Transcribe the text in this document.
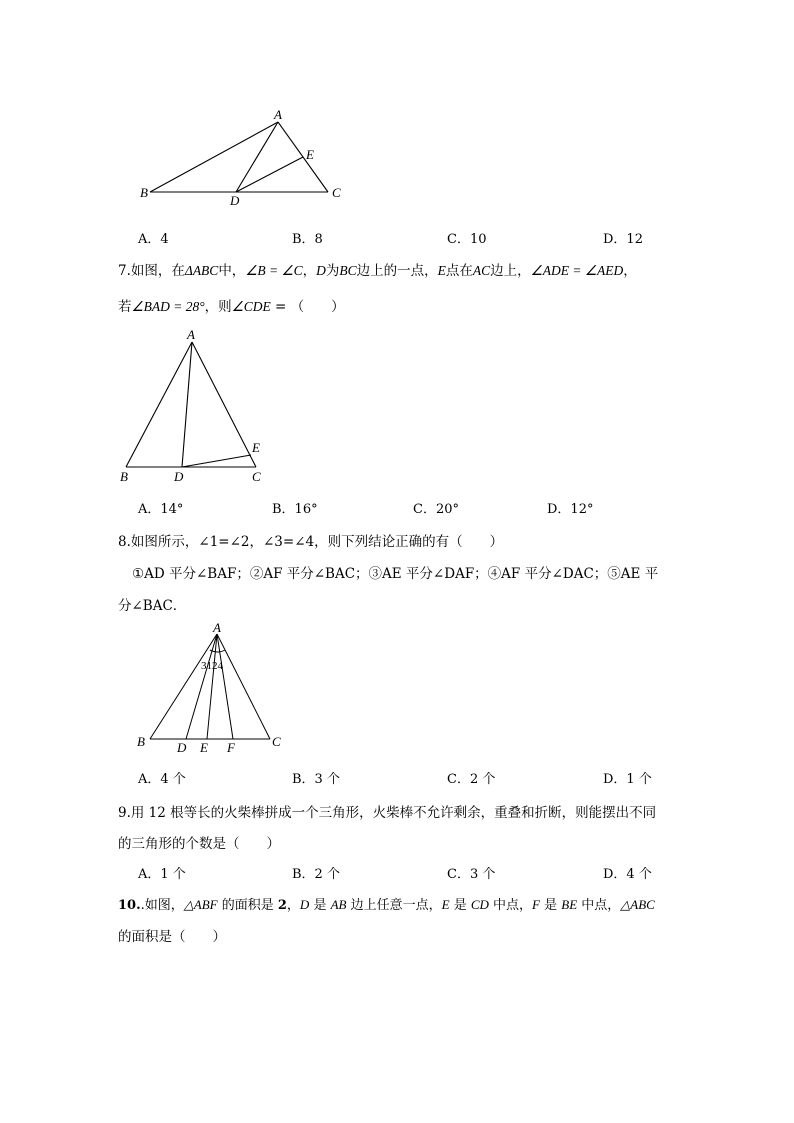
A
B	C
D
E
A．4	B．8	C．10	D．12
7.如图，在ΔABC中，∠B = ∠C，D为BC边上的一点，E点在AC边上，∠ADE = ∠AED，
若∠BAD = 28°，则∠CDE = （　　）
A
B	C
D
E
A．14°	B．16°	C．20°	D．12°
8.如图所示，∠1=∠2，∠3=∠4，则下列结论正确的有（　　）
①AD 平分∠BAF；②AF 平分∠BAC；③AE 平分∠DAF；④AF 平分∠DAC；⑤AE 平
分∠BAC．
A
3124
B D E F	C
A．4 个	B．3 个	C．2 个	D．1 个
9.用 12 根等长的火柴棒拼成一个三角形，火柴棒不允许剩余，重叠和折断，则能摆出不同
的三角形的个数是（　　）
A．1 个	B．2 个	C．3 个	D．4 个
10..如图，△ABF 的面积是 2，D 是 AB 边上任意一点，E 是 CD 中点，F 是 BE 中点，△ABC
的面积是（　　）
